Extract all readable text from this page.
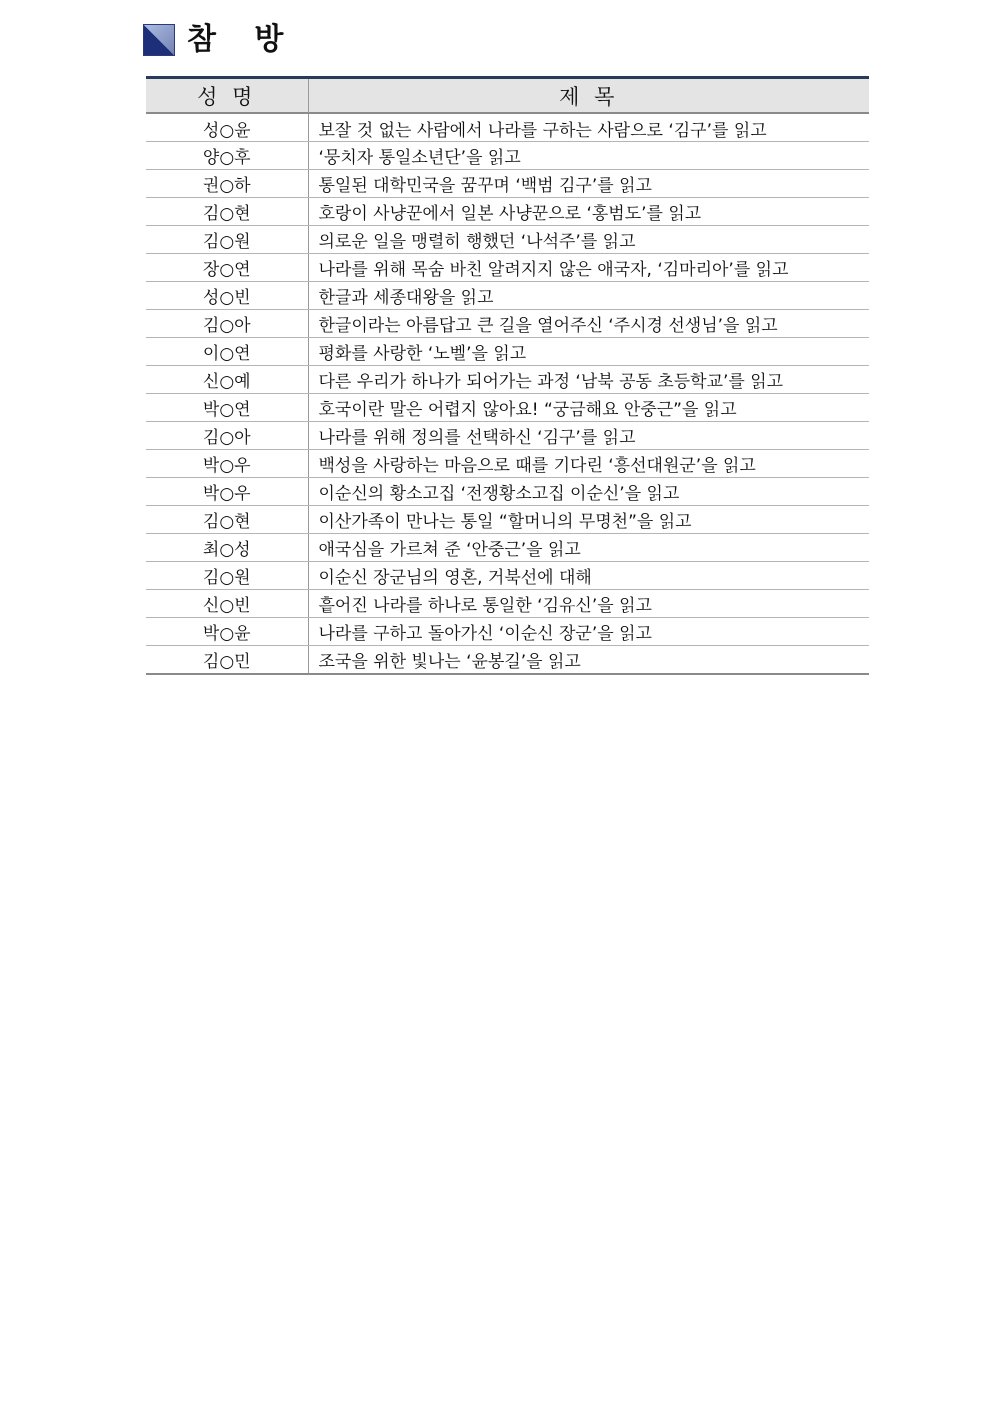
참 방

성 명	제 목

성○윤	보잘 것 없는 사람에서 나라를 구하는 사람으로 ‘김구’를 읽고
양○후	‘뭉치자 통일소년단’을 읽고
권○하	통일된 대학민국을 꿈꾸며 ‘백범 김구’를 읽고
김○현	호랑이 사냥꾼에서 일본 사냥꾼으로 ‘홍범도’를 읽고
김○원	의로운 일을 맹렬히 행했던 ‘나석주’를 읽고
장○연	나라를 위해 목숨 바친 알려지지 않은 애국자, ‘김마리아’를 읽고
성○빈	한글과 세종대왕을 읽고
김○아	한글이라는 아름답고 큰 길을 열어주신 ‘주시경 선생님’을 읽고
이○연	평화를 사랑한 ‘노벨’을 읽고
신○예	다른 우리가 하나가 되어가는 과정 ‘남북 공동 초등학교’를 읽고
박○연	호국이란 말은 어렵지 않아요! “궁금해요 안중근”을 읽고
김○아	나라를 위해 정의를 선택하신 ‘김구’를 읽고
박○우	백성을 사랑하는 마음으로 때를 기다린 ‘흥선대원군’을 읽고
박○우	이순신의 황소고집 ‘전쟁황소고집 이순신’을 읽고
김○현	이산가족이 만나는 통일 “할머니의 무명천”을 읽고
최○성	애국심을 가르쳐 준 ‘안중근’을 읽고
김○원	이순신 장군님의 영혼, 거북선에 대해
신○빈	흩어진 나라를 하나로 통일한 ‘김유신’을 읽고
박○윤	나라를 구하고 돌아가신 ‘이순신 장군’을 읽고
김○민	조국을 위한 빛나는 ‘윤봉길’을 읽고
